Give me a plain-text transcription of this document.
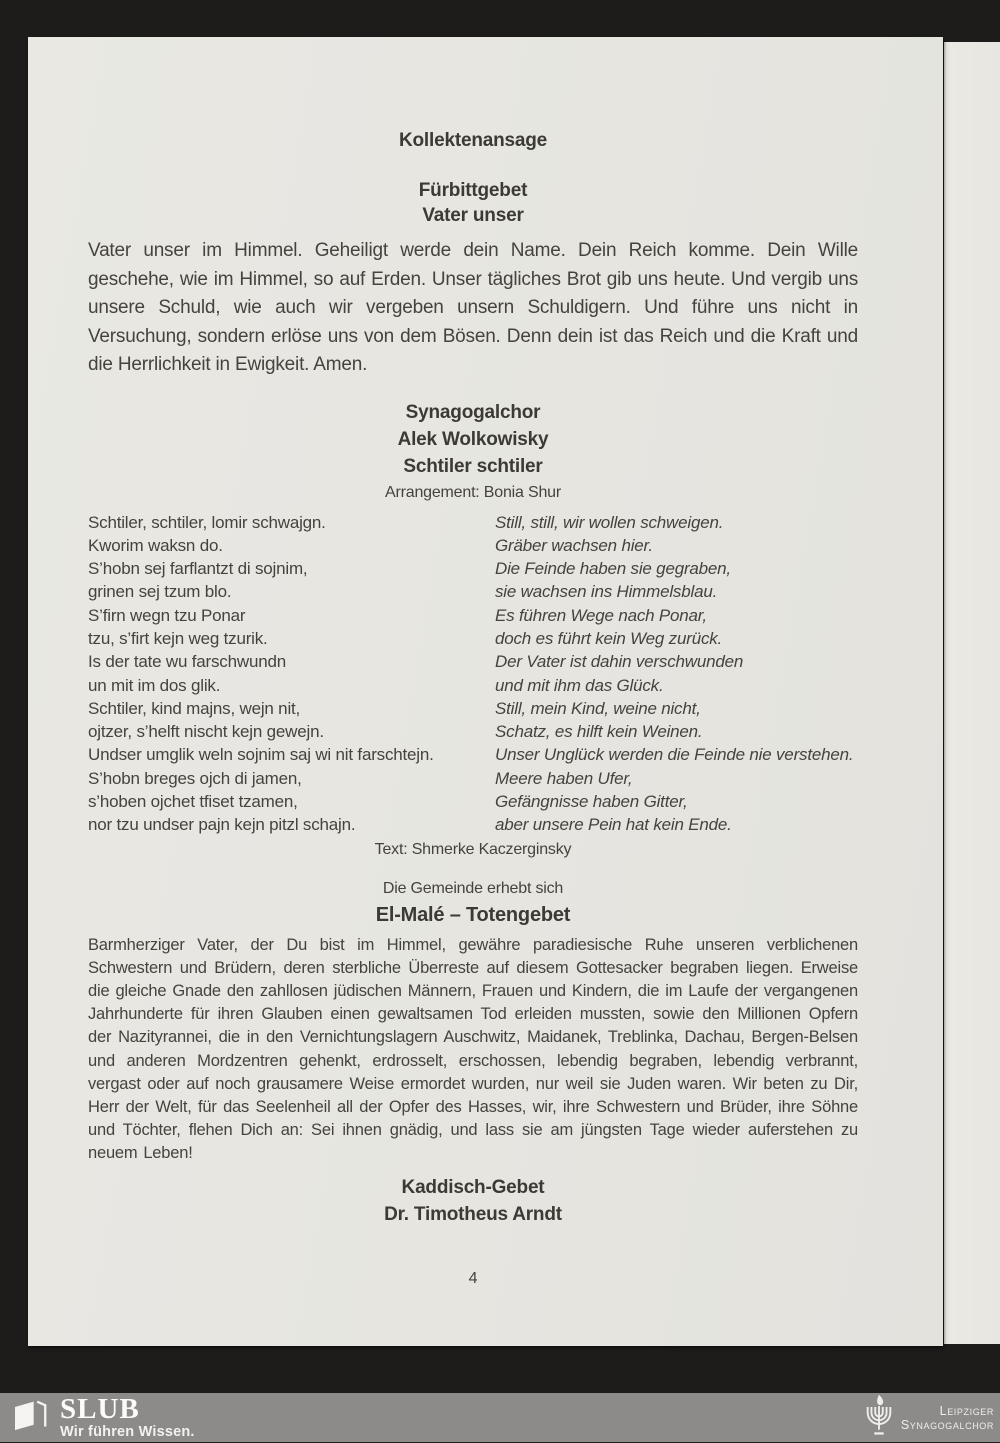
Kollektenansage
Fürbittgebet
Vater unser
Vater unser im Himmel. Geheiligt werde dein Name. Dein Reich komme. Dein Wille geschehe, wie im Himmel, so auf Erden. Unser tägliches Brot gib uns heute. Und vergib uns unsere Schuld, wie auch wir vergeben unsern Schuldigern. Und führe uns nicht in Versuchung, sondern erlöse uns von dem Bösen. Denn dein ist das Reich und die Kraft und die Herrlichkeit in Ewigkeit. Amen.
Synagogalchor
Alek Wolkowisky
Schtiler schtiler
Arrangement: Bonia Shur
Schtiler, schtiler, lomir schwajgn.	Still, still, wir wollen schweigen.
Kworim waksn do.	Gräber wachsen hier.
S’hobn sej farflantzt di sojnim,	Die Feinde haben sie gegraben,
grinen sej tzum blo.	sie wachsen ins Himmelsblau.
S’firn wegn tzu Ponar	Es führen Wege nach Ponar,
tzu, s’firt kejn weg tzurik.	doch es führt kein Weg zurück.
Is der tate wu farschwundn	Der Vater ist dahin verschwunden
un mit im dos glik.	und mit ihm das Glück.
Schtiler, kind majns, wejn nit,	Still, mein Kind, weine nicht,
ojtzer, s’helft nischt kejn gewejn.	Schatz, es hilft kein Weinen.
Undser umglik weln sojnim saj wi nit farschtejn.	Unser Unglück werden die Feinde nie verstehen.
S’hobn breges ojch di jamen,	Meere haben Ufer,
s’hoben ojchet tfiset tzamen,	Gefängnisse haben Gitter,
nor tzu undser pajn kejn pitzl schajn.	aber unsere Pein hat kein Ende.
Text: Shmerke Kaczerginsky
Die Gemeinde erhebt sich
El-Malé – Totengebet
Barmherziger Vater, der Du bist im Himmel, gewähre paradiesische Ruhe unseren verblichenen Schwestern und Brüdern, deren sterbliche Überreste auf diesem Gottesacker begraben liegen. Erweise die gleiche Gnade den zahllosen jüdischen Männern, Frauen und Kindern, die im Laufe der vergangenen Jahrhunderte für ihren Glauben einen gewaltsamen Tod erleiden mussten, sowie den Millionen Opfern der Nazityrannei, die in den Vernichtungslagern Auschwitz, Maidanek, Treblinka, Dachau, Bergen-Belsen und anderen Mordzentren gehenkt, erdrosselt, erschossen, lebendig begraben, lebendig verbrannt, vergast oder auf noch grausamere Weise ermordet wurden, nur weil sie Juden waren. Wir beten zu Dir, Herr der Welt, für das Seelenheil all der Opfer des Hasses, wir, ihre Schwestern und Brüder, ihre Söhne und Töchter, flehen Dich an: Sei ihnen gnädig, und lass sie am jüngsten Tage wieder auferstehen zu neuem Leben!
Kaddisch-Gebet
Dr. Timotheus Arndt
4
SLUB
Wir führen Wissen.
Leipziger
Synagogalchor
